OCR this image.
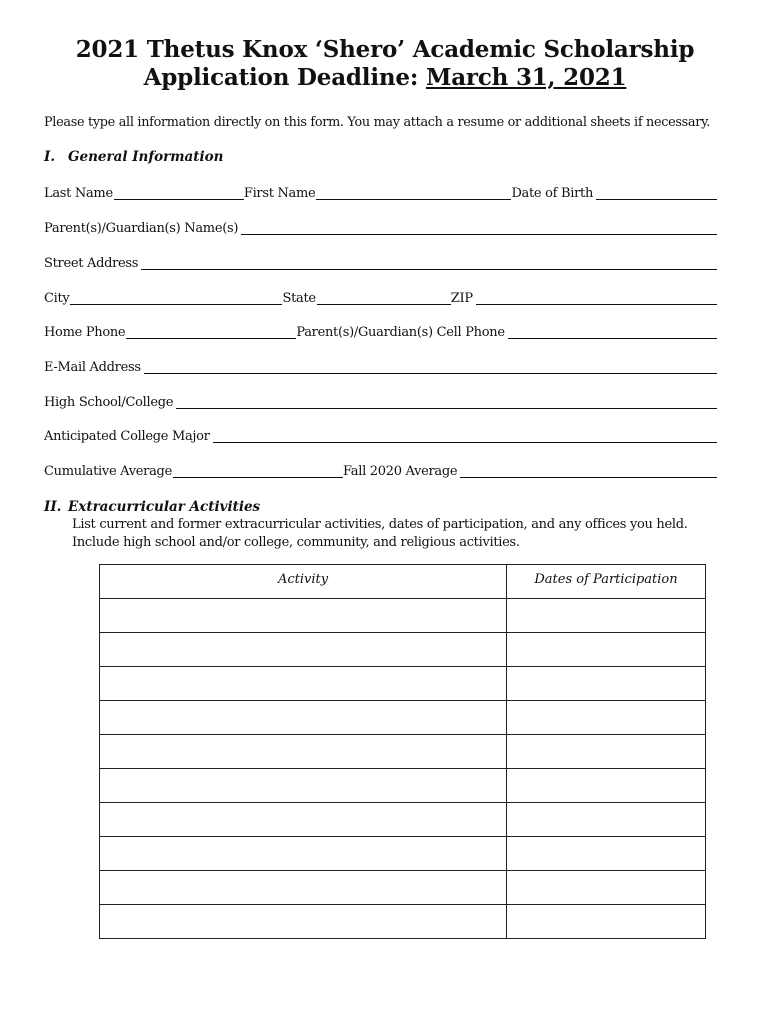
2021 Thetus Knox ‘Shero’ Academic Scholarship
Application Deadline: March 31, 2021
Please type all information directly on this form. You may attach a resume or additional sheets if necessary.
I. General Information
Last Name	First Name	Date of Birth
Parent(s)/Guardian(s) Name(s)
Street Address
City	State	ZIP
Home Phone	Parent(s)/Guardian(s) Cell Phone
E-Mail Address
High School/College
Anticipated College Major
Cumulative Average	Fall 2020 Average
II. Extracurricular Activities
List current and former extracurricular activities, dates of participation, and any offices you held.
Include high school and/or college, community, and religious activities.
Activity	Dates of Participation
